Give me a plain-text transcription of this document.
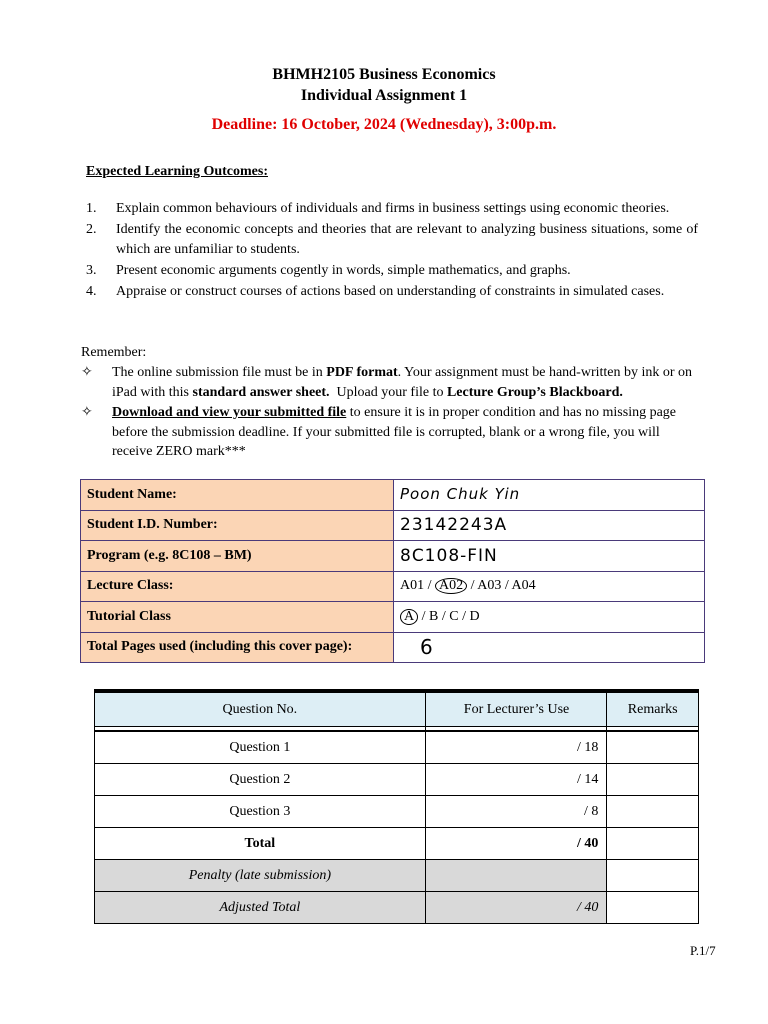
BHMH2105 Business Economics
Individual Assignment 1
Deadline: 16 October, 2024 (Wednesday), 3:00p.m.
Expected Learning Outcomes:
1.	Explain common behaviours of individuals and firms in business settings using economic theories.
2.	Identify the economic concepts and theories that are relevant to analyzing business situations, some of which are unfamiliar to students.
3.	Present economic arguments cogently in words, simple mathematics, and graphs.
4.	Appraise or construct courses of actions based on understanding of constraints in simulated cases.
Remember:
✧	The online submission file must be in PDF format. Your assignment must be hand-written by ink or on iPad with this standard answer sheet.  Upload your file to Lecture Group’s Blackboard.
✧	Download and view your submitted file to ensure it is in proper condition and has no missing page before the submission deadline. If your submitted file is corrupted, blank or a wrong file, you will receive ZERO mark***
Student Name:	Poon Chuk Yin
Student I.D. Number:	23142243A
Program (e.g. 8C108 – BM)	8C108-FIN
Lecture Class:	A01 / A02 / A03 / A04
Tutorial Class	A / B / C / D
Total Pages used (including this cover page):	6
Question No.	For Lecturer’s Use	Remarks

Question 1	/ 18	
Question 2	/ 14	
Question 3	/ 8	
Total	/ 40	
Penalty (late submission)		
Adjusted Total	/ 40	
P.1/7
